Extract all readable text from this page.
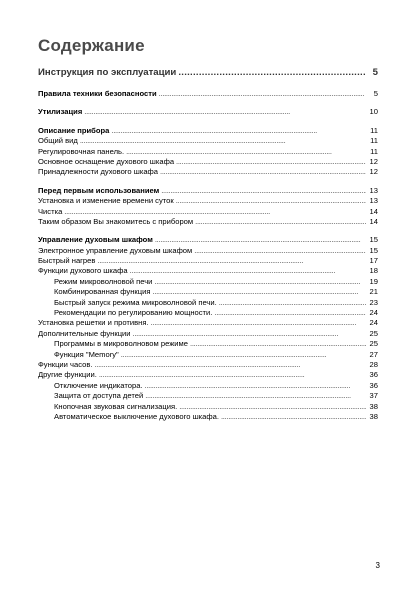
Содержание
Инструкция по эксплуатации . . .	5
Правила техники безопасности . . .	5
Утилизация . . .	10
Описание прибора . . .	11
Общий вид . . .	11
Регулировочная панель. . . .	11
Основное оснащение духового шкафа . . .	12
Принадлежности духового шкафа . . .	12
Перед первым использованием . . .	13
Установка и изменение времени суток . . .	13
Чистка . . .	14
Таким образом Вы знакомитесь с прибором . . .	14
Управление духовым шкафом . . .	15
Электронное управление духовым шкафом . . .	15
Быстрый нагрев . . .	17
Функции духового шкафа . . .	18
Режим микроволновой печи . . .	19
Комбинированная функция . . .	21
Быстрый запуск режима микроволновой печи. . . .	23
Рекомендации по регулированию мощности. . . .	24
Установка решетки и противня. . . .	24
Дополнительные функции . . .	25
Программы в микроволновом режиме . . .	25
Функция "Memory" . . .	27
Функции часов. . . .	28
Другие функции. . . .	36
Отключение индикатора. . . .	36
Защита от доступа детей . . .	37
Кнопочная звуковая сигнализация. . . .	38
Автоматическое выключение духового шкафа. . . .	38
3
